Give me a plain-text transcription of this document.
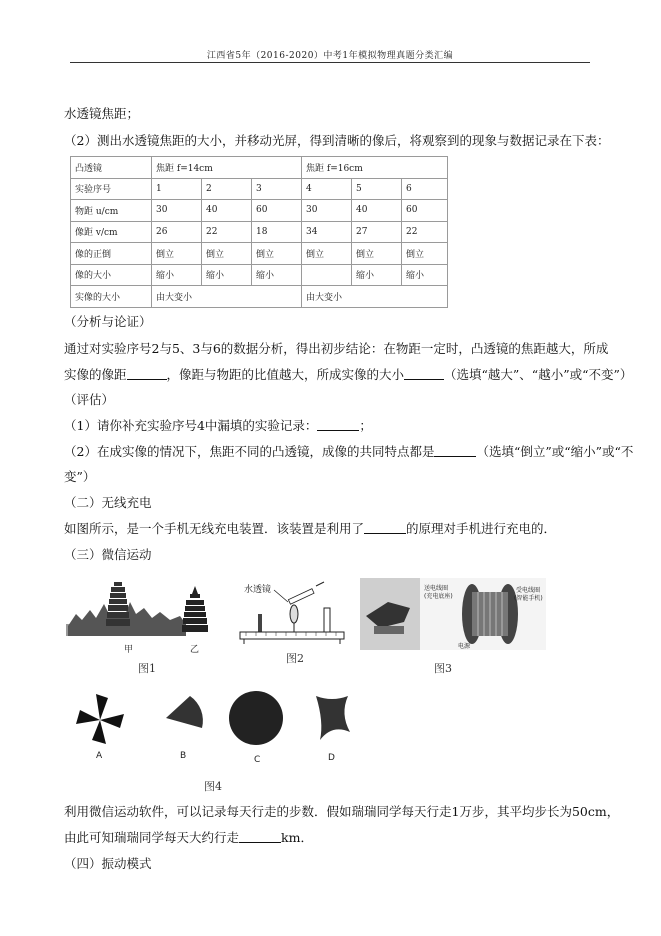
江西省5年（2016-2020）中考1年模拟物理真题分类汇编
水透镜焦距；
（2）测出水透镜焦距的大小，并移动光屏，得到清晰的像后，将观察到的现象与数据记录在下表：
凸透镜	焦距 f=14cm			焦距 f=16cm		
实验序号	1	2	3	4	5	6
物距 u/cm	30	40	60	30	40	60
像距 v/cm	26	22	18	34	27	22
像的正倒	倒立	倒立	倒立	倒立	倒立	倒立
像的大小	缩小	缩小	缩小		缩小	缩小
实像的大小	由大变小			由大变小		
（分析与论证）
通过对实验序号2与5、3与6的数据分析，得出初步结论：在物距一定时，凸透镜的焦距越大，所成
实像的像距	，像距与物距的比值越大，所成实像的大小	（选填“越大”、“越小”或“不变”）
（评估）
（1）请你补充实验序号4中漏填的实验记录：	；
（2）在成实像的情况下，焦距不同的凸透镜，成像的共同特点都是	（选填“倒立”或“缩小”或“不
变”）
（二）无线充电
如图所示，是一个手机无线充电装置．该装置是利用了	的原理对手机进行充电的．
（三）微信运动
甲	乙
图1
水透镜
图2
送电线圈
(充电底座)
受电线圈
(智能手机)
电源
图3
A	B	C	D
图4
利用微信运动软件，可以记录每天行走的步数．假如瑞瑞同学每天行走1万步，其平均步长为50cm，
由此可知瑞瑞同学每天大约行走	km．
（四）振动模式
